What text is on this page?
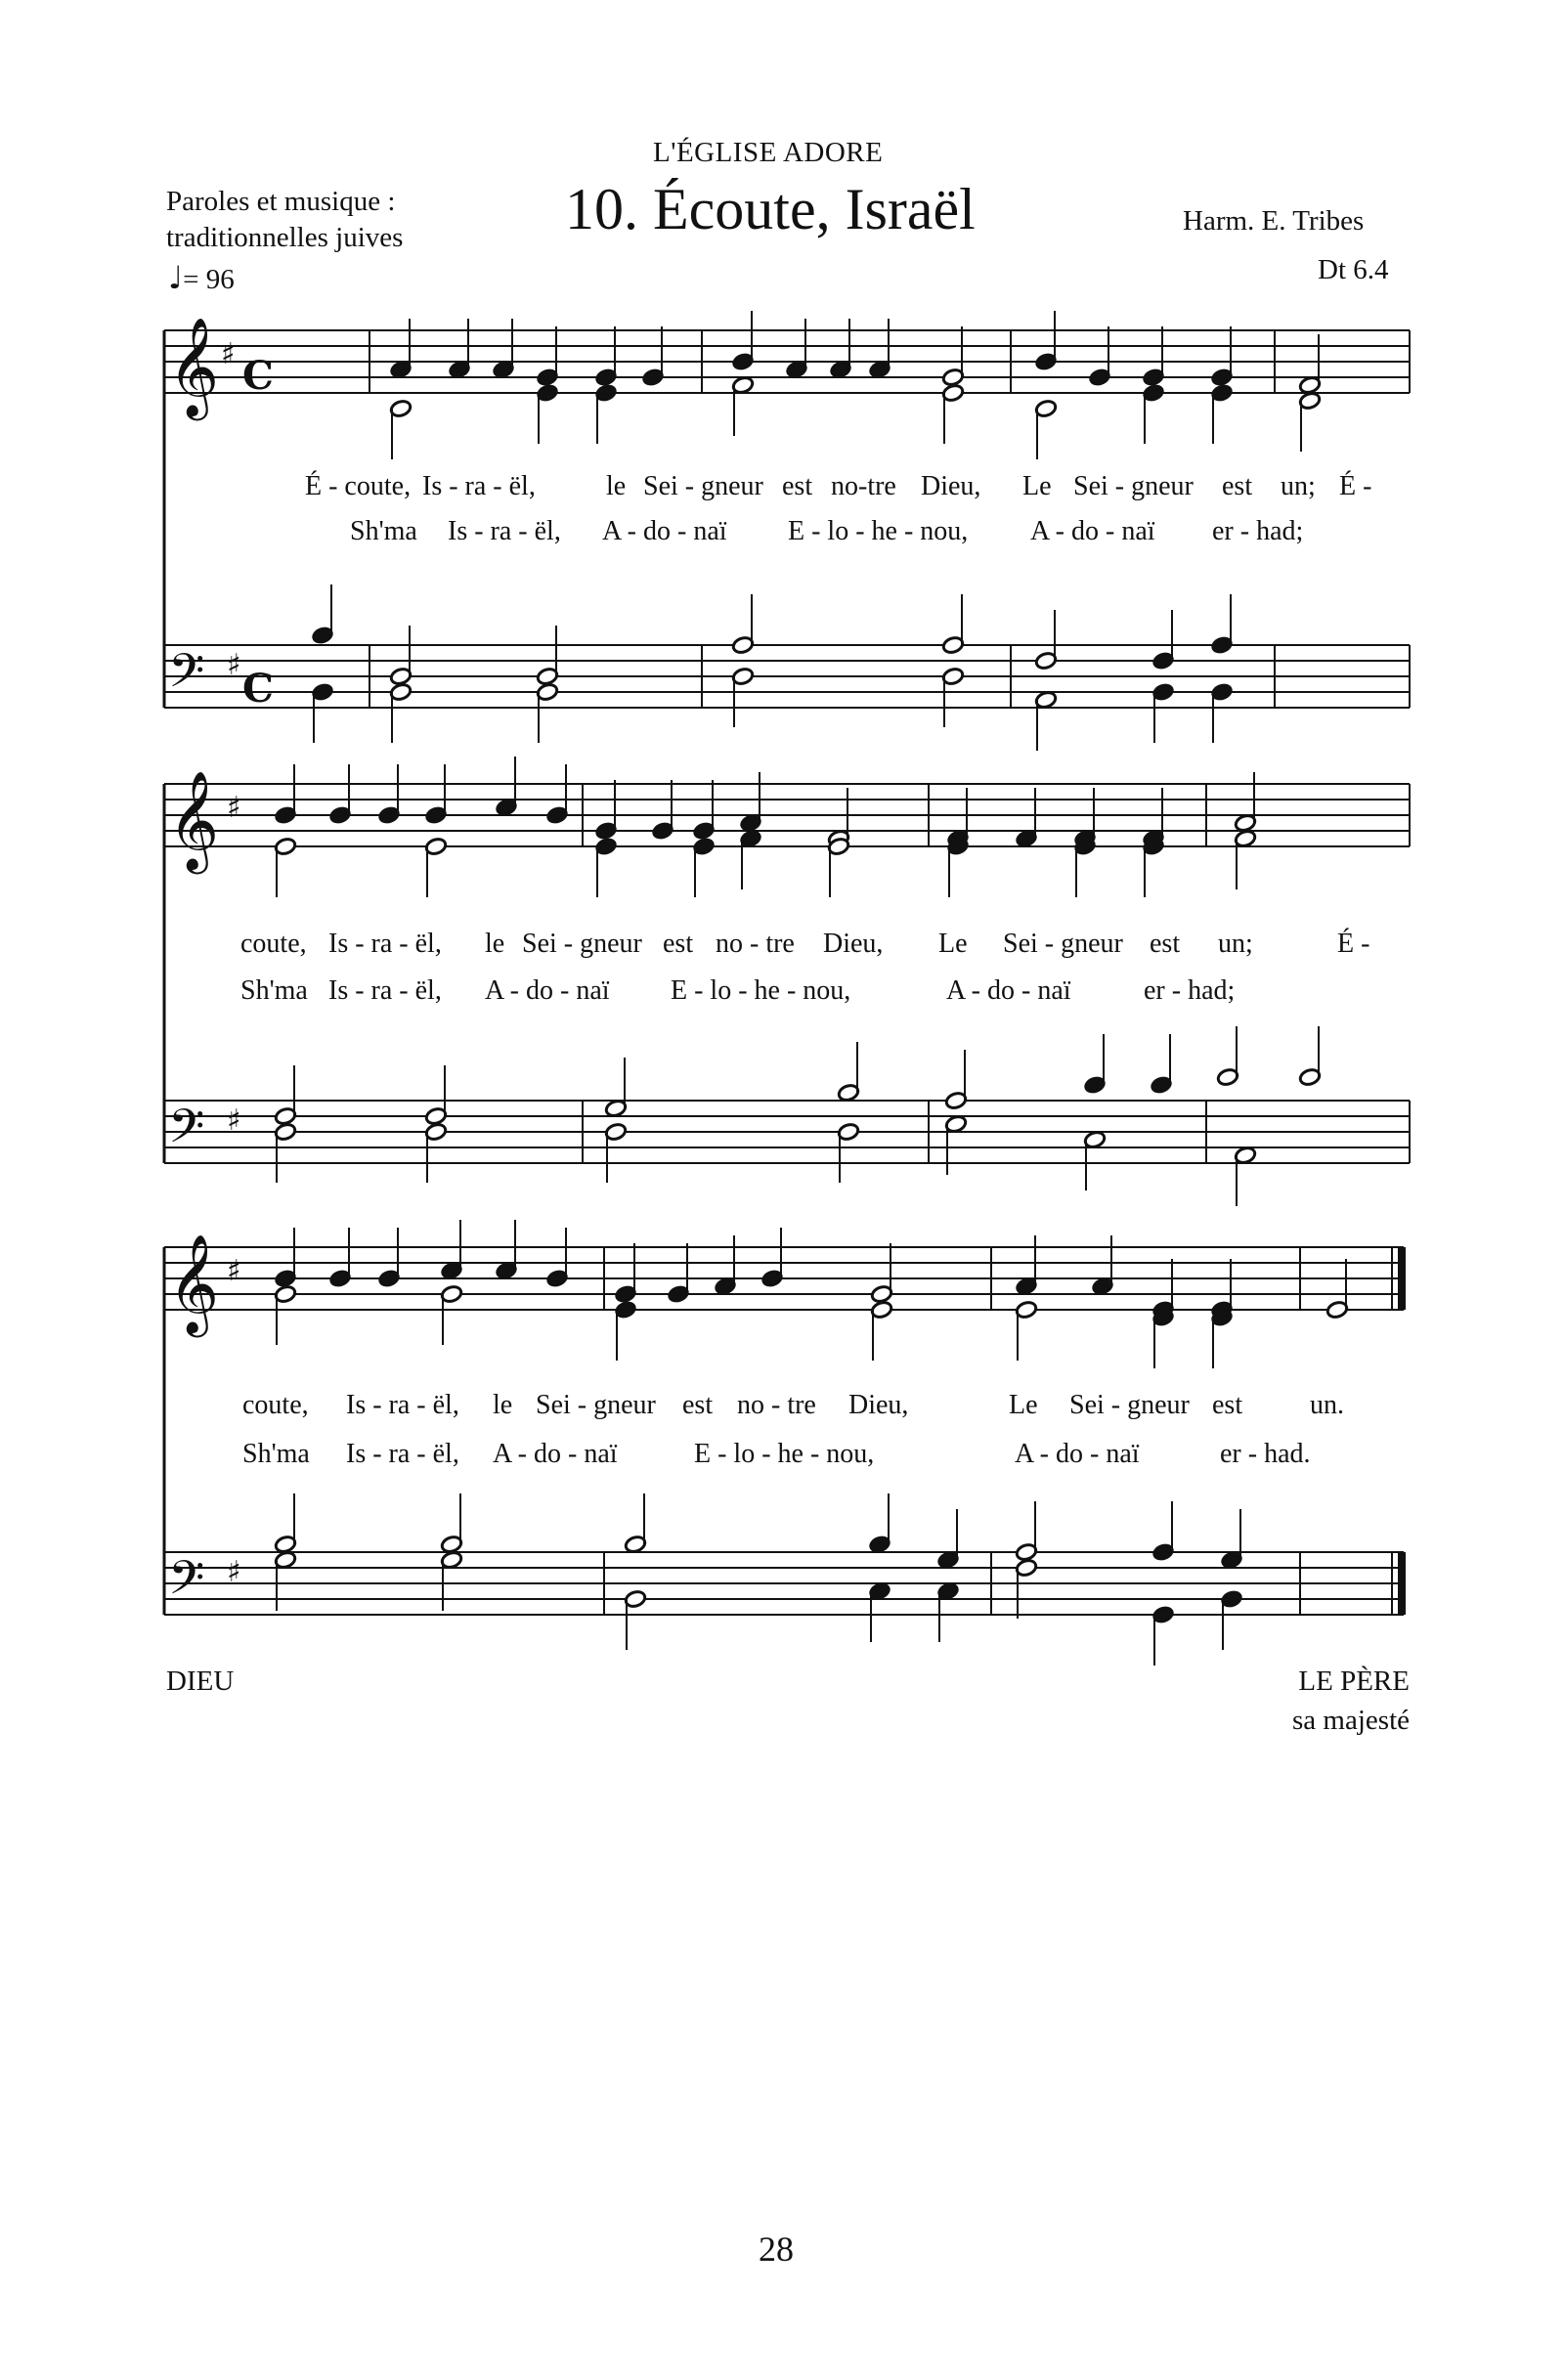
L'ÉGLISE ADORE
10. Écoute, Israël
Paroles et musique :
traditionnelles juives
♩= 96
Harm. E. Tribes
Dt 6.4
𝄞 ♯ C
𝄢 ♯
C
𝄞 ♯
𝄢 ♯
𝄞 ♯
𝄢 ♯
É - coute, Is - ra - ël,	le Sei - gneur est no-tre Dieu, Le Sei - gneur est un; É -
Sh'ma Is - ra - ël, A - do - naï E - lo - he - nou, A - do - naï er - had;
coute, Is - ra - ël, le Sei - gneur est no - tre Dieu, Le Sei - gneur est un;	É -
Sh'ma Is - ra - ël, A - do - naï E - lo - he - nou,	A - do - naï	er - had;
coute, Is - ra - ël, le Sei - gneur est no - tre Dieu,	Le Sei - gneur est un.
Sh'ma Is - ra - ël, A - do - naï	E - lo - he - nou,	A - do - naï	er - had.
DIEU	LE PÈRE
sa majesté
28
